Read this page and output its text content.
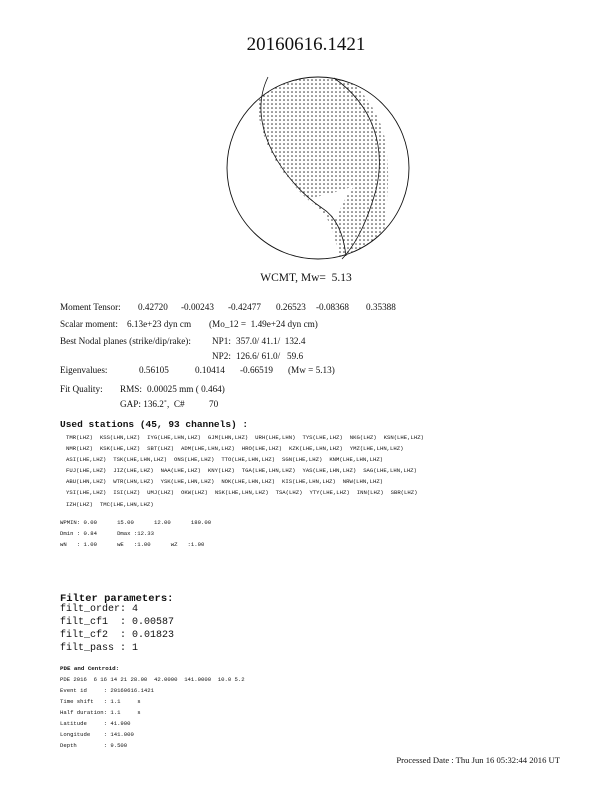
20160616.1421
WCMT, Mw=  5.13
Moment Tensor: 0.42720 -0.00243 -0.42477 0.26523 -0.08368 0.35388
Scalar moment: 6.13e+23 dyn cm (Mo_12 =  1.49e+24 dyn cm)
Best Nodal planes (strike/dip/rake): NP1: 357.0/ 41.1/  132.4
NP2: 126.6/ 61.0/   59.6
Eigenvalues:	0.56105	0.10414 -0.66519 (Mw = 5.13)
Fit Quality: RMS: 0.00025 mm ( 0.464)
GAP: 136.2˚,  C#	70
Used stations (45, 93 channels) :
TMR(LHZ) KSS(LHN,LHZ) IYG(LHE,LHN,LHZ) GJM(LHN,LHZ) URH(LHE,LHN) TYS(LHE,LHZ) NKG(LHZ) KSN(LHE,LHZ)
NMR(LHZ) KSK(LHE,LHZ) SBT(LHZ) ADM(LHE,LHN,LHZ) HRO(LHE,LHZ) KZK(LHE,LHN,LHZ) YMZ(LHE,LHN,LHZ)
ASI(LHE,LHZ) TSK(LHE,LHN,LHZ) ONS(LHE,LHZ) TTO(LHE,LHN,LHZ) SGN(LHE,LHZ) KNM(LHE,LHN,LHZ)
FUJ(LHE,LHZ) JIZ(LHE,LHZ) NAA(LHE,LHZ) KNY(LHZ) TGA(LHE,LHN,LHZ) YAS(LHE,LHN,LHZ) SAG(LHE,LHN,LHZ)
ABU(LHN,LHZ) WTR(LHN,LHZ) YSK(LHE,LHN,LHZ) NOK(LHE,LHN,LHZ) KIS(LHE,LHN,LHZ) NRW(LHN,LHZ)
YSI(LHE,LHZ) ISI(LHZ) UMJ(LHZ) OKW(LHZ) NSK(LHE,LHN,LHZ) TSA(LHZ) YTY(LHE,LHZ) INN(LHZ) SBR(LHZ)
IZH(LHZ) TMC(LHE,LHN,LHZ)
WPMIN: 0.00      15.00      12.00      180.00
Dmin : 0.84      Dmax :12.33
wN   : 1.00      wE   :1.00      wZ   :1.00
Filter parameters:
filt_order: 4
filt_cf1  : 0.00587
filt_cf2  : 0.01823
filt_pass : 1
PDE and Centroid:
PDE 2016  6 16 14 21 28.00  42.0000  141.0000  10.0 5.2
Event id     : 20160616.1421
Time shift   : 1.1     s
Half duration: 1.1     s
Latitude     : 41.900
Longitude    : 141.000
Depth        : 9.500
Processed Date : Thu Jun 16 05:32:44 2016 UT
